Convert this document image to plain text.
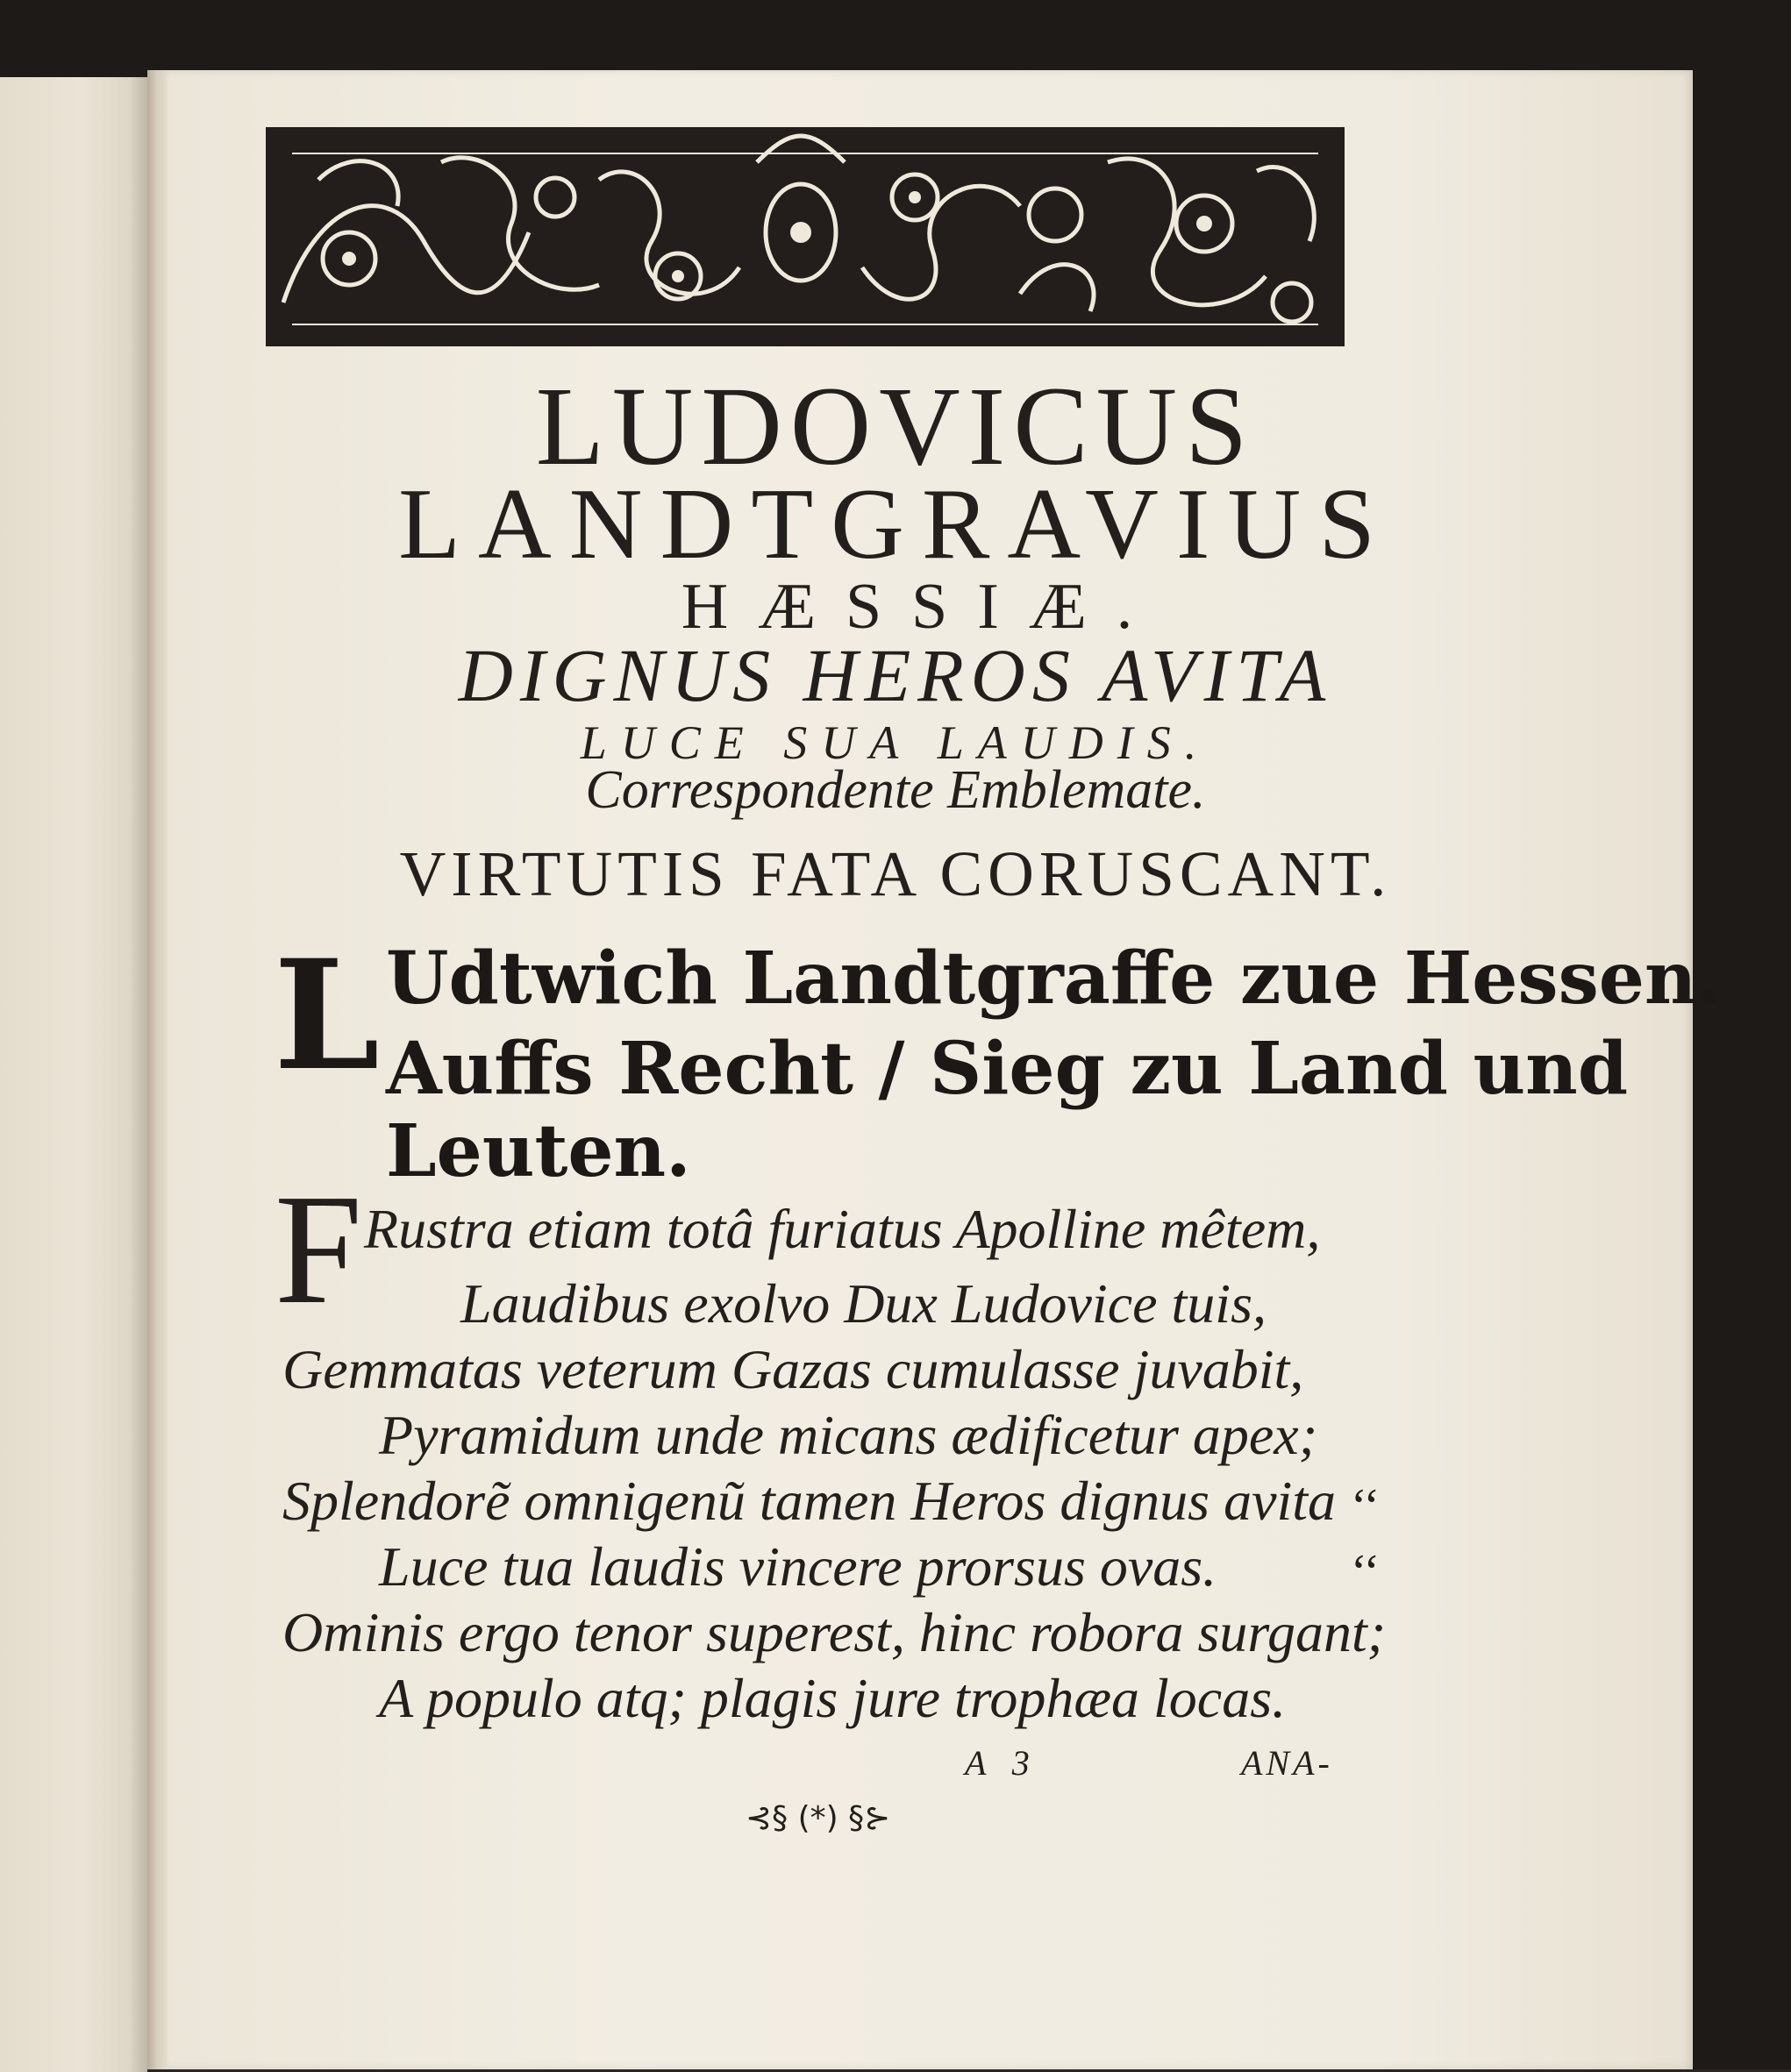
LUDOVICUS
LANDTGRAVIUS
HÆSSIÆ.
DIGNUS HEROS AVITA
LUCE SUA LAUDIS.
Correspondente Emblemate.
VIRTUTIS FATA CORUSCANT.
L Udtwich Landtgraffe zue Hessen.
Auffs Recht / Sieg zu Land und
Leuten.
F Rustra etiam totâ furiatus Apolline mêtem,
Laudibus exolvo Dux Ludovice tuis,
Gemmatas veterum Gazas cumulasse juvabit,
Pyramidum unde micans ædificetur apex;
Splendorẽ omnigenũ tamen Heros dignus avita
Luce tua laudis vincere prorsus ovas.
Ominis ergo tenor superest, hinc robora surgant;
A populo atq; plagis jure trophæa locas.
‘‘
‘‘
A 3	ANA-
⊰§ (*) §⊱
